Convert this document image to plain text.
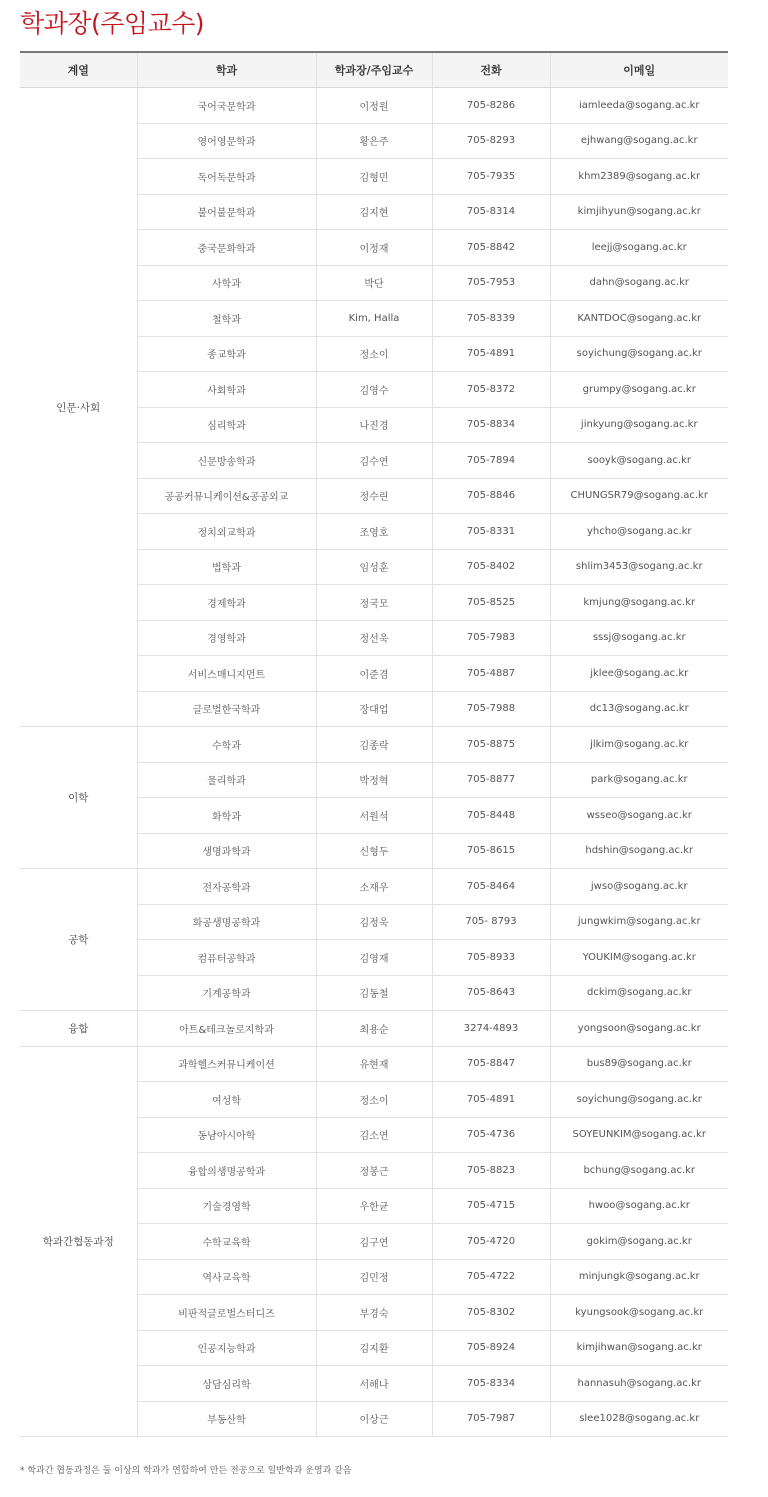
학과장(주임교수)
계열	학과	학과장/주임교수	전화	이메일
인문·사회	국어국문학과	이정원	705-8286	iamleeda@sogang.ac.kr
	영어영문학과	황은주	705-8293	ejhwang@sogang.ac.kr
	독어독문학과	김형민	705-7935	khm2389@sogang.ac.kr
	불어불문학과	김지현	705-8314	kimjihyun@sogang.ac.kr
	중국문화학과	이정재	705-8842	leejj@sogang.ac.kr
	사학과	박단	705-7953	dahn@sogang.ac.kr
	철학과	Kim, Halla	705-8339	KANTDOC@sogang.ac.kr
	종교학과	정소이	705-4891	soyichung@sogang.ac.kr
	사회학과	김영수	705-8372	grumpy@sogang.ac.kr
	심리학과	나진경	705-8834	jinkyung@sogang.ac.kr
	신문방송학과	김수연	705-7894	sooyk@sogang.ac.kr
	공공커뮤니케이션&공공외교	정수린	705-8846	CHUNGSR79@sogang.ac.kr
	정치외교학과	조영호	705-8331	yhcho@sogang.ac.kr
	법학과	임성훈	705-8402	shlim3453@sogang.ac.kr
	경제학과	정국모	705-8525	kmjung@sogang.ac.kr
	경영학과	정선욱	705-7983	sssj@sogang.ac.kr
	서비스매니지먼트	이준겸	705-4887	jklee@sogang.ac.kr
	글로벌한국학과	장대업	705-7988	dc13@sogang.ac.kr
이학	수학과	김종락	705-8875	jlkim@sogang.ac.kr
	물리학과	박정혁	705-8877	park@sogang.ac.kr
	화학과	서원석	705-8448	wsseo@sogang.ac.kr
	생명과학과	신형두	705-8615	hdshin@sogang.ac.kr
공학	전자공학과	소재우	705-8464	jwso@sogang.ac.kr
	화공생명공학과	김정욱	705- 8793	jungwkim@sogang.ac.kr
	컴퓨터공학과	김영재	705-8933	YOUKIM@sogang.ac.kr
	기계공학과	김동철	705-8643	dckim@sogang.ac.kr
융합	아트&테크놀로지학과	최용순	3274-4893	yongsoon@sogang.ac.kr
학과간협동과정	과학헬스커뮤니케이션	유현재	705-8847	bus89@sogang.ac.kr
	여성학	정소이	705-4891	soyichung@sogang.ac.kr
	동남아시아학	김소연	705-4736	SOYEUNKIM@sogang.ac.kr
	융합의생명공학과	정봉근	705-8823	bchung@sogang.ac.kr
	기술경영학	우한균	705-4715	hwoo@sogang.ac.kr
	수학교육학	김구연	705-4720	gokim@sogang.ac.kr
	역사교육학	김민정	705-4722	minjungk@sogang.ac.kr
	비판적글로벌스터디즈	부경숙	705-8302	kyungsook@sogang.ac.kr
	인공지능학과	김지환	705-8924	kimjihwan@sogang.ac.kr
	상담심리학	서해나	705-8334	hannasuh@sogang.ac.kr
	부동산학	이상근	705-7987	slee1028@sogang.ac.kr

* 학과간 협동과정은 둘 이상의 학과가 연합하여 만든 전공으로 일반학과 운영과 같음
